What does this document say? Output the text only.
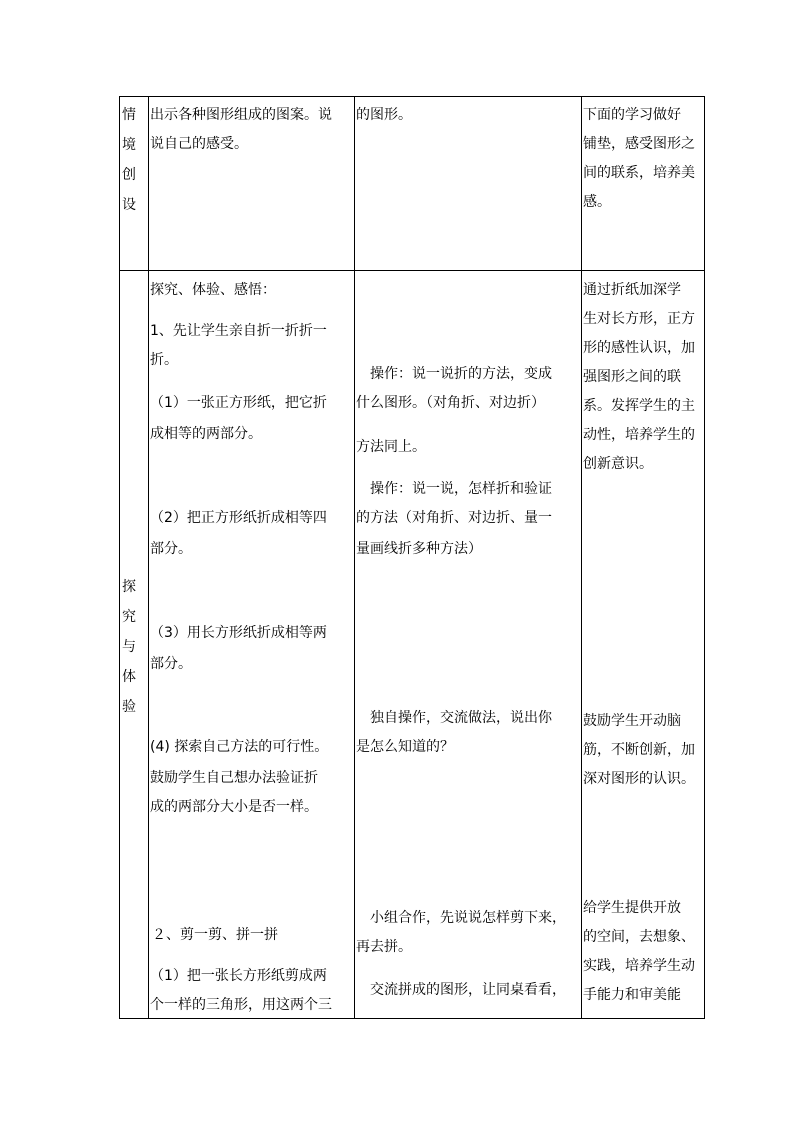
情
境
创
设
出示各种图形组成的图案。说
说自己的感受。
的图形。	下面的学习做好
铺垫，感受图形之
间的联系，培养美
感。
探
究
与
体
验
探究、体验、感悟：
1、先让学生亲自折一折折一
折。
（1）一张正方形纸，把它折
成相等的两部分。
（2）把正方形纸折成相等四
部分。
（3）用长方形纸折成相等两
部分。
(4) 探索自己方法的可行性。
鼓励学生自己想办法验证折
成的两部分大小是否一样。
２、剪一剪、拼一拼
（1）把一张长方形纸剪成两
个一样的三角形，用这两个三
操作：说一说折的方法，变成
什么图形。（对角折、对边折）
方法同上。
操作：说一说，怎样折和验证
的方法（对角折、对边折、量一
量画线折多种方法）
独自操作，交流做法，说出你
是怎么知道的？
小组合作，先说说怎样剪下来，
再去拼。
交流拼成的图形，让同桌看看，
通过折纸加深学
生对长方形，正方
形的感性认识，加
强图形之间的联
系。发挥学生的主
动性，培养学生的
创新意识。
鼓励学生开动脑
筋，不断创新，加
深对图形的认识。
给学生提供开放
的空间，去想象、
实践，培养学生动
手能力和审美能
